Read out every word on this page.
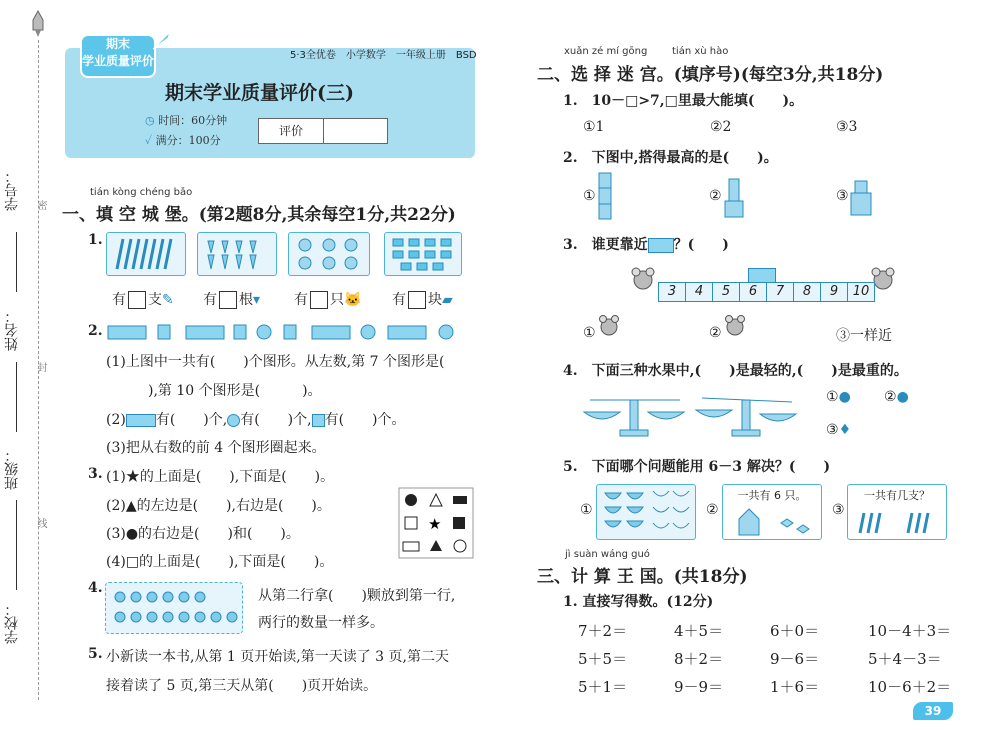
学号：	密
姓名：
封
班级：
线
学校：
期末
学业质量评价	5·3全优卷　小学数学　一年级上册　BSD
期末学业质量评价(三)
◷ 时间：60分钟
✓ 满分：100分
评价
tián kòng chéng bǎo
一、填 空 城 堡。(第2题8分,其余每空1分,共22分)
1.
有 支✎ 有 根▾ 有 只🐱 有 块▰
2.
(1)上图中一共有(　　)个图形。从左数,第 7 个图形是(
　　　),第 10 个图形是(　　　)。
(2) 有(　　)个, 有(　　)个, 有(　　)个。
(3)把从右数的前 4 个图形圈起来。
3. (1)★的上面是(　　),下面是(　　)。
(2)▲的左边是(　　),右边是(　　)。
(3)●的右边是(　　)和(　　)。
(4)□的上面是(　　),下面是(　　)。
★
4.	从第二行拿(　　)颗放到第一行,
两行的数量一样多。
5. 小新读一本书,从第 1 页开始读,第一天读了 3 页,第二天
接着读了 5 页,第三天从第(　　)页开始读。
xuǎn zé mí gōng tián xù hào
二、选 择 迷 宫。(填序号)(每空3分,共18分)
1.　10－□>7,□里最大能填(　　)。
①1	②2	③3
2.　下图中,搭得最高的是(　　)。
①	②	③
3.　谁更靠近 ？(　　)
3	4	5	6	7	8	9	10
①	②	③一样近
4.　下面三种水果中,(　　)是最轻的,(　　)是最重的。
①● ②●
③♦
5.　下面哪个问题能用 6－3 解决？(　　)
①	②
一共有 6 只。
③
一共有几支？
jì suàn wáng guó
三、计 算 王 国。(共18分)
1. 直接写得数。(12分)
7＋2＝	4＋5＝	6＋0＝	10－4＋3＝
5＋5＝	8＋2＝	9－6＝	5＋4－3＝
5＋1＝	9－9＝	1＋6＝	10－6＋2＝
39
